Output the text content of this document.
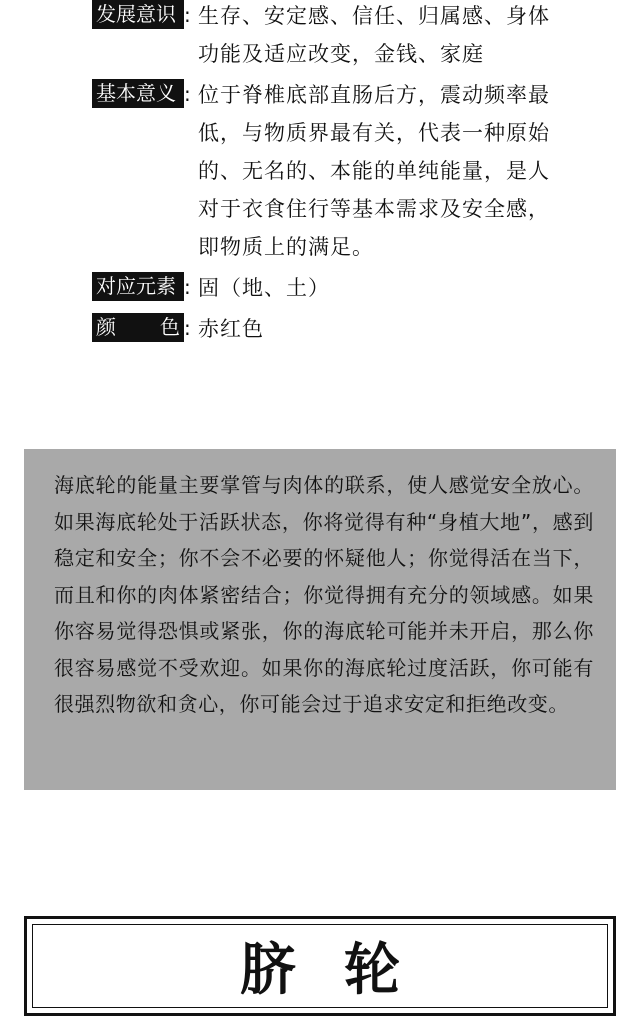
发展意识 : 生存、安定感、信任、归属感、身体功能及适应改变，金钱、家庭
基本意义 : 位于脊椎底部直肠后方，震动频率最低，与物质界最有关，代表一种原始的、无名的、本能的单纯能量，是人对于衣食住行等基本需求及安全感，即物质上的满足。
对应元素 : 固（地、土）
颜 色 : 赤红色
海底轮的能量主要掌管与肉体的联系，使人感觉安全放心。如果海底轮处于活跃状态，你将觉得有种“身植大地”，感到稳定和安全；你不会不必要的怀疑他人；你觉得活在当下，而且和你的肉体紧密结合；你觉得拥有充分的领域感。如果你容易觉得恐惧或紧张，你的海底轮可能并未开启，那么你很容易感觉不受欢迎。如果你的海底轮过度活跃，你可能有很强烈物欲和贪心，你可能会过于追求安定和拒绝改变。
脐轮
